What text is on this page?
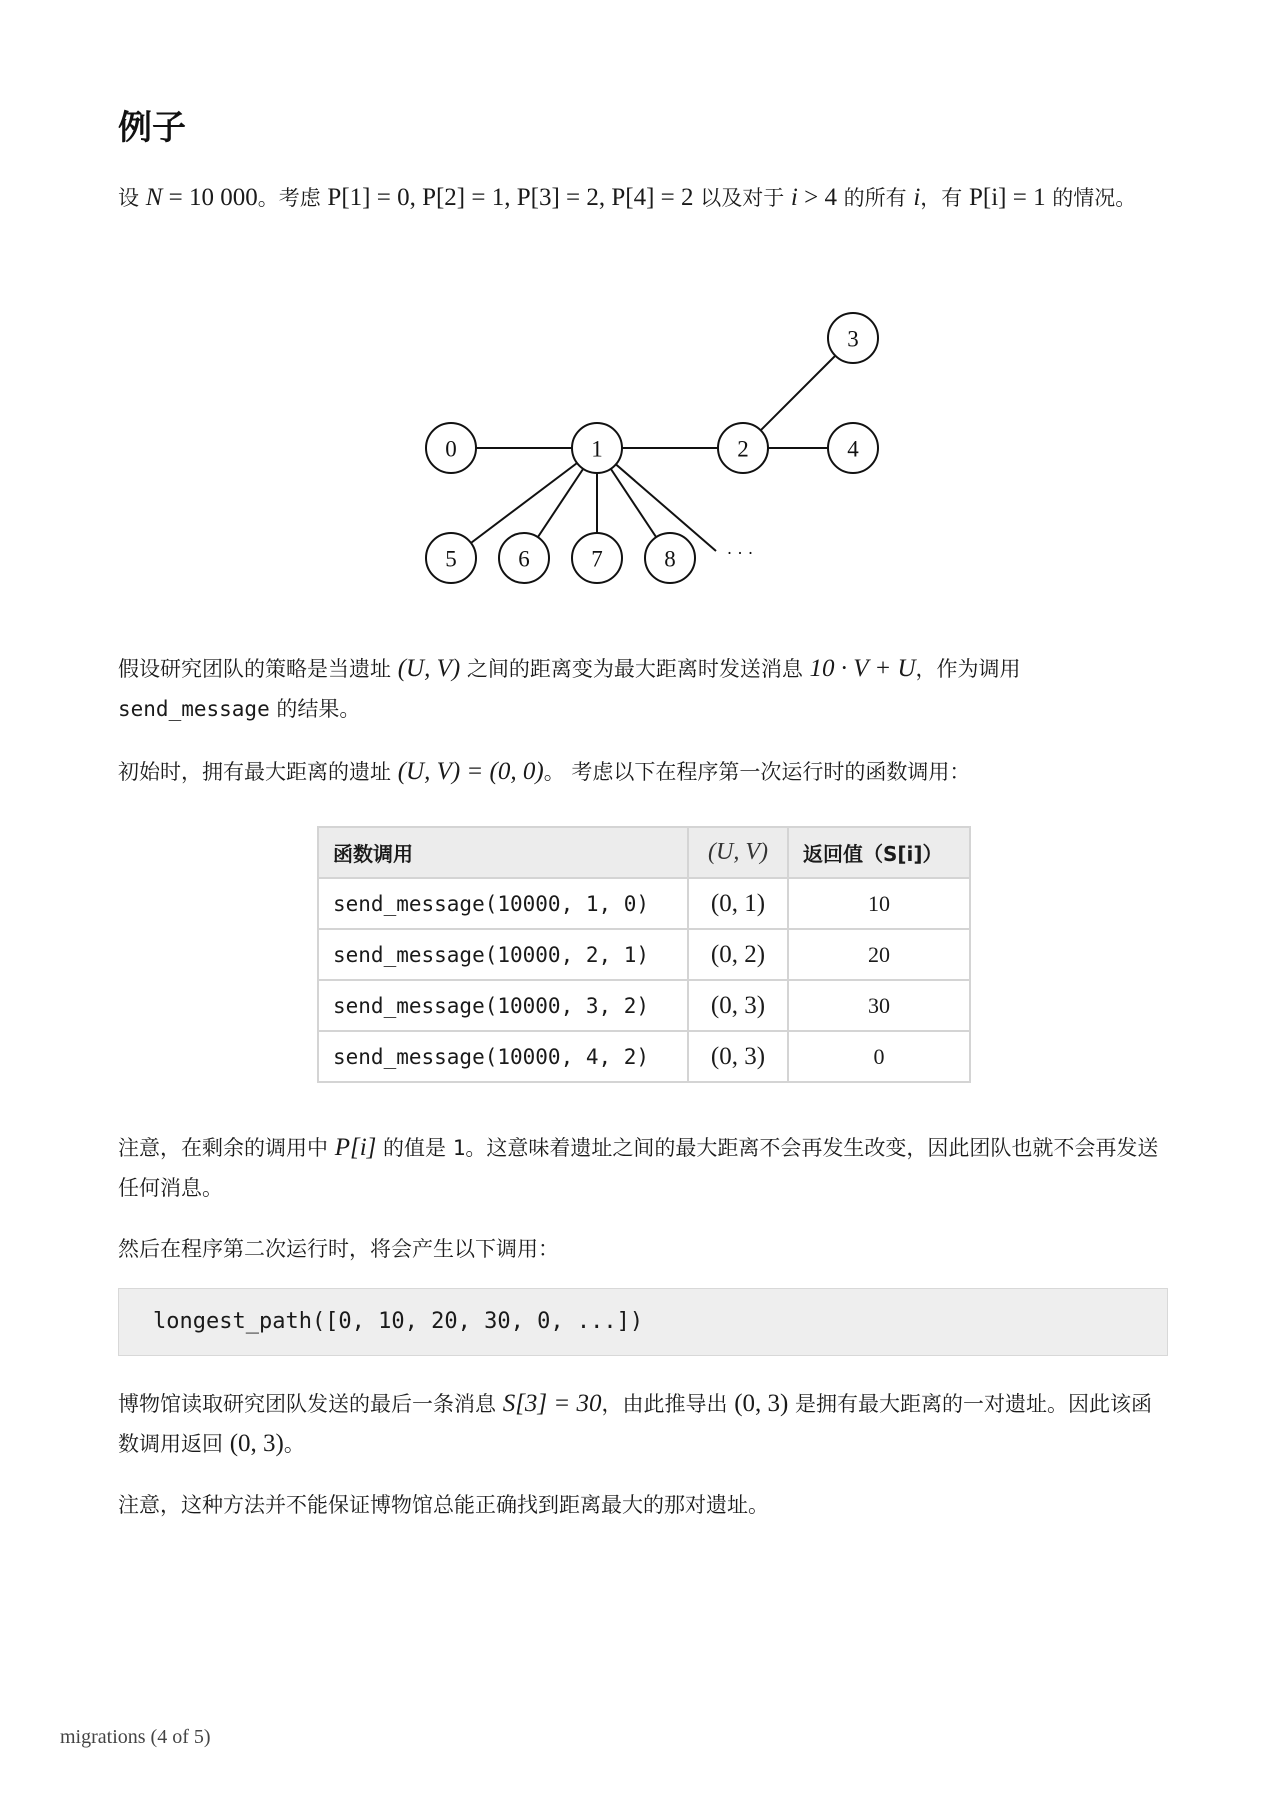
例子

设 N = 10 000。考虑 P[1] = 0, P[2] = 1, P[3] = 2, P[4] = 2 以及对于 i > 4 的所有 i，有 P[i] = 1 的情况。

0	1	2
3
4
5	6	7	8	· · ·

假设研究团队的策略是当遗址 (U, V) 之间的距离变为最大距离时发送消息 10 · V + U，作为调用 send_message 的结果。

初始时，拥有最大距离的遗址 (U, V) = (0, 0)。 考虑以下在程序第一次运行时的函数调用：

函数调用	(U, V)	返回值（S[i]）
send_message(10000, 1, 0)	(0, 1)	10
send_message(10000, 2, 1)	(0, 2)	20
send_message(10000, 3, 2)	(0, 3)	30
send_message(10000, 4, 2)	(0, 3)	0

注意，在剩余的调用中 P[i] 的值是 1。这意味着遗址之间的最大距离不会再发生改变，因此团队也就不会再发送任何消息。

然后在程序第二次运行时，将会产生以下调用：

longest_path([0, 10, 20, 30, 0, ...])

博物馆读取研究团队发送的最后一条消息 S[3] = 30，由此推导出 (0, 3) 是拥有最大距离的一对遗址。因此该函数调用返回 (0, 3)。

注意，这种方法并不能保证博物馆总能正确找到距离最大的那对遗址。

migrations (4 of 5)
